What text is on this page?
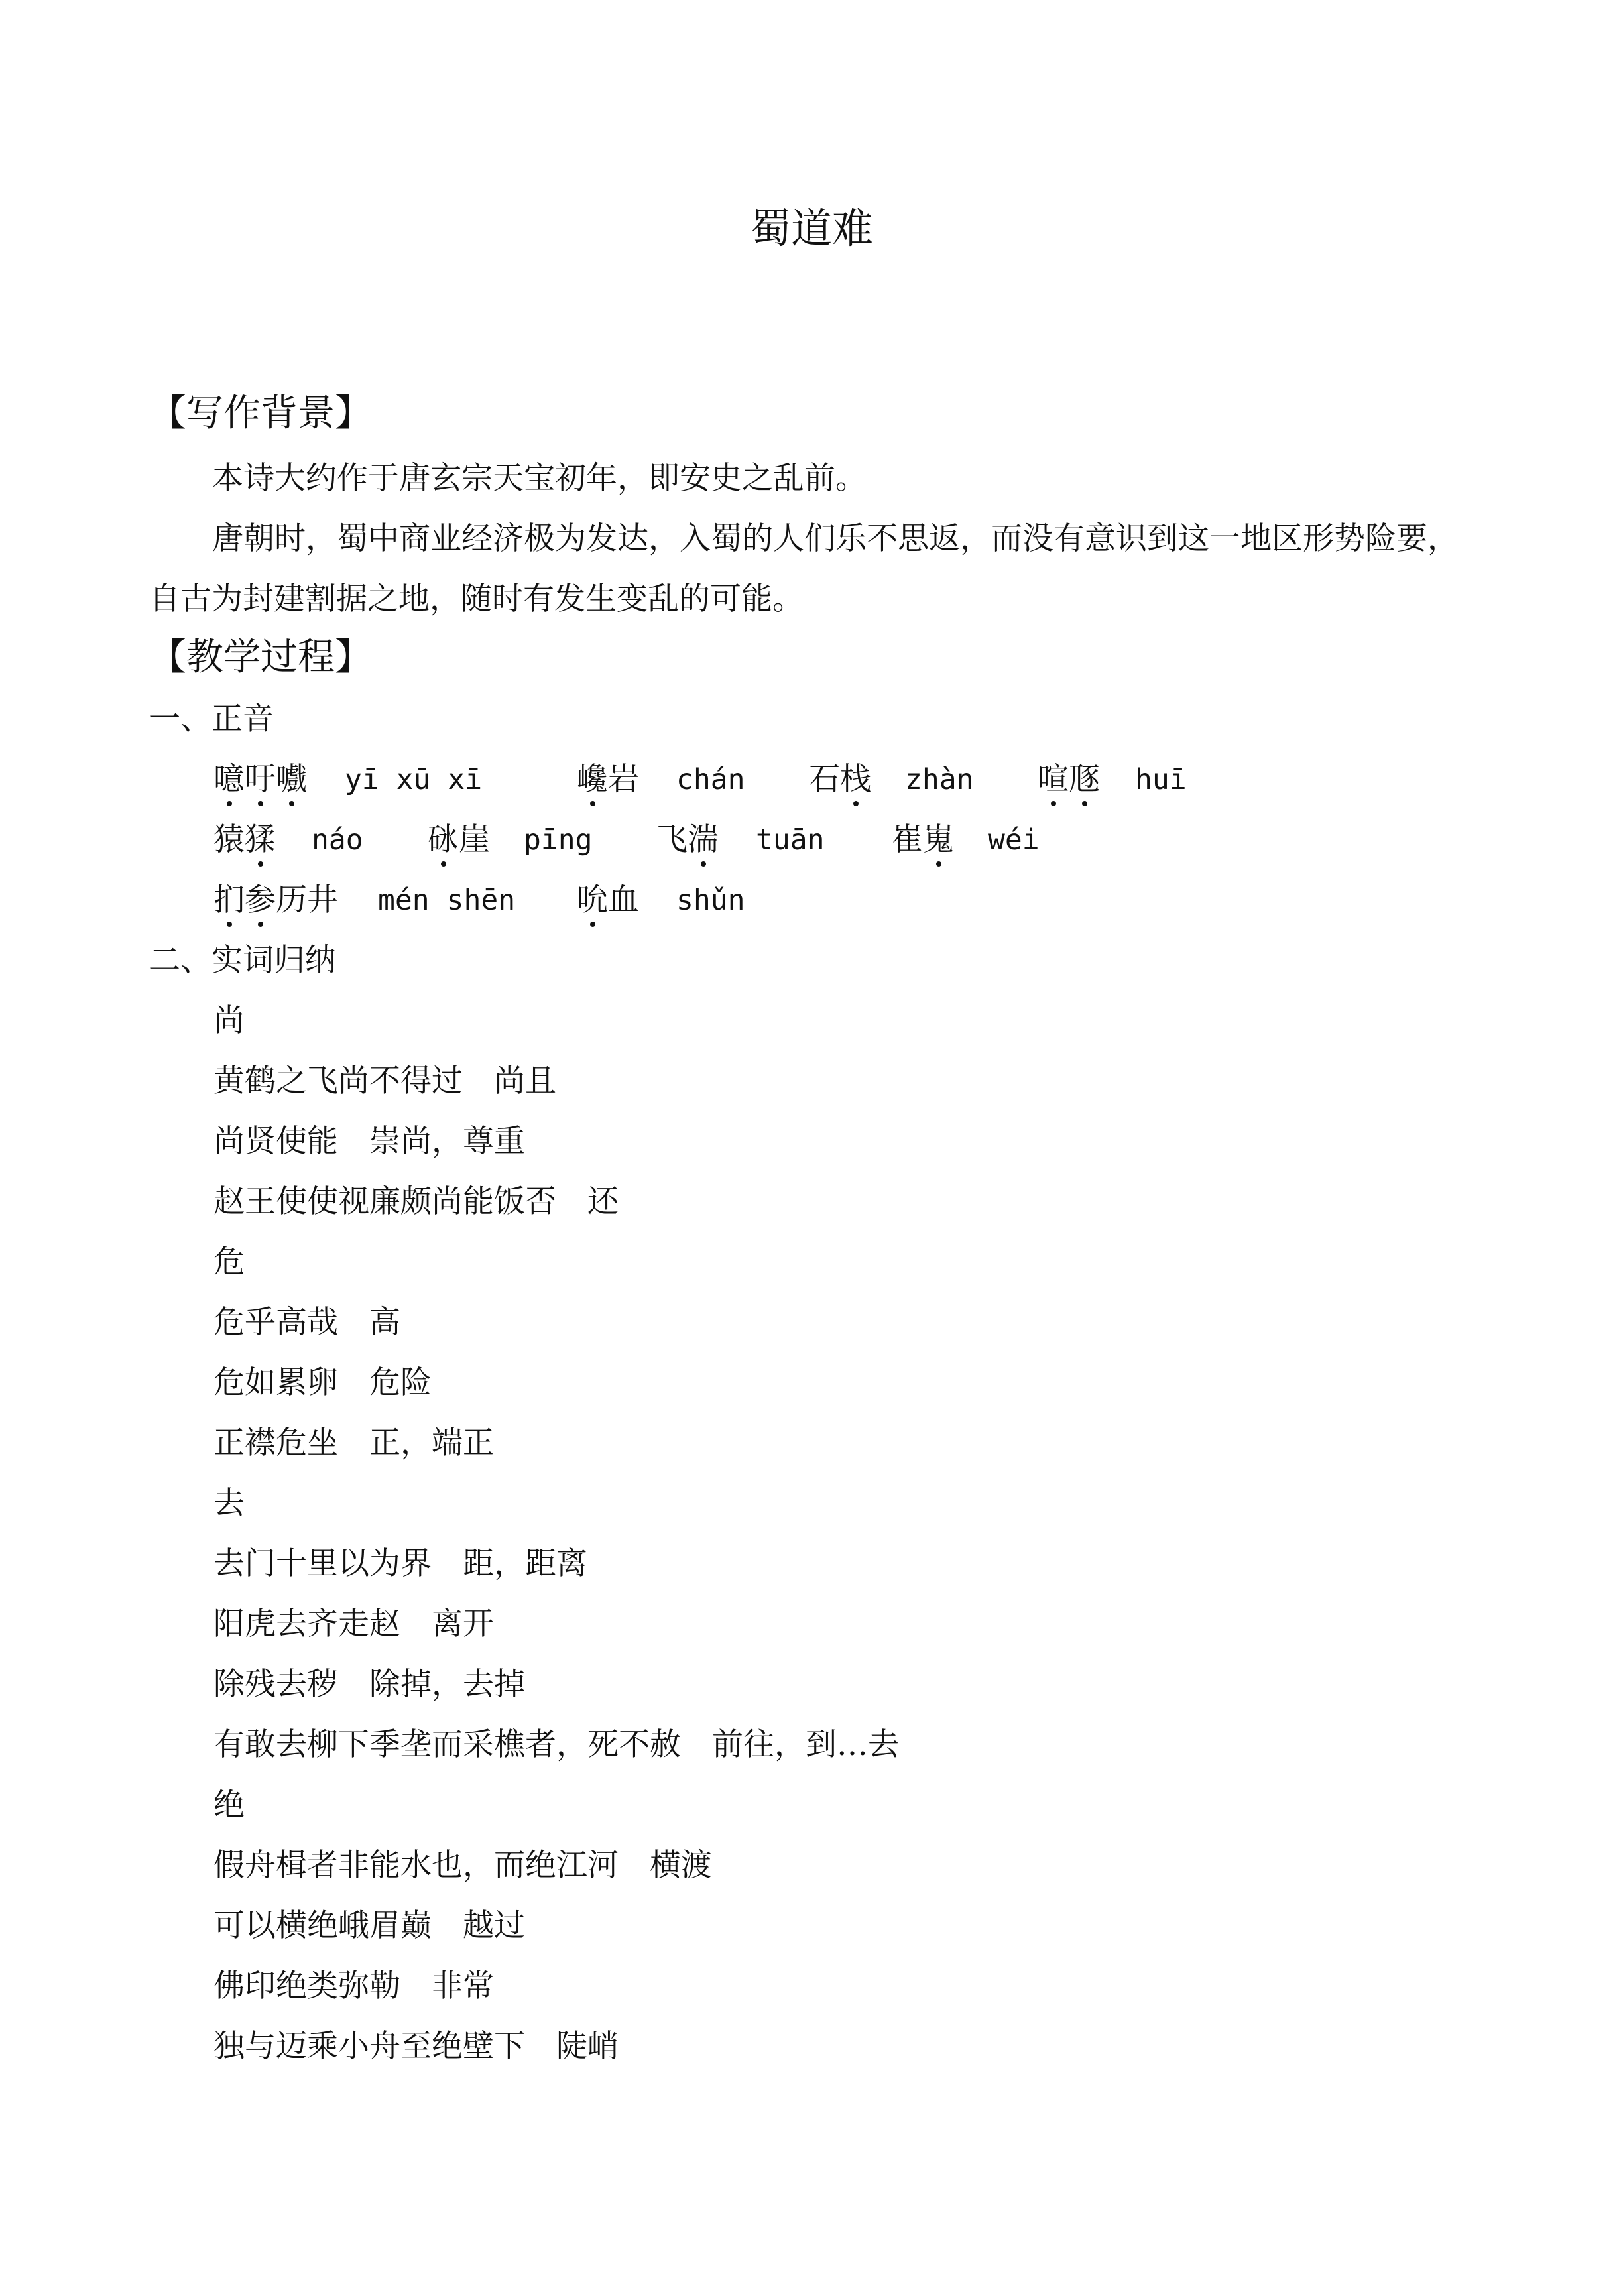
蜀道难
【写作背景】
本诗大约作于唐玄宗天宝初年，即安史之乱前。
唐朝时，蜀中商业经济极为发达，入蜀的人们乐不思返，而没有意识到这一地区形势险要，
自古为封建割据之地，随时有发生变乱的可能。
【教学过程】
一、正音
噫吁嚱 yī xū xī	巉岩 chán 石栈 zhàn 喧豗 huī
猿猱 náo 砯崖 pīng 飞湍 tuān 崔嵬 wéi
扪参历井 mén shēn 吮血 shǔn
二、实词归纳
尚
黄鹤之飞尚不得过　尚且
尚贤使能　崇尚，尊重
赵王使使视廉颇尚能饭否　还
危
危乎高哉　高
危如累卵　危险
正襟危坐　正，端正
去
去门十里以为界　距，距离
阳虎去齐走赵　离开
除残去秽　除掉，去掉
有敢去柳下季垄而采樵者，死不赦　前往，到…去
绝
假舟楫者非能水也，而绝江河　横渡
可以横绝峨眉巅　越过
佛印绝类弥勒　非常
独与迈乘小舟至绝壁下　陡峭
